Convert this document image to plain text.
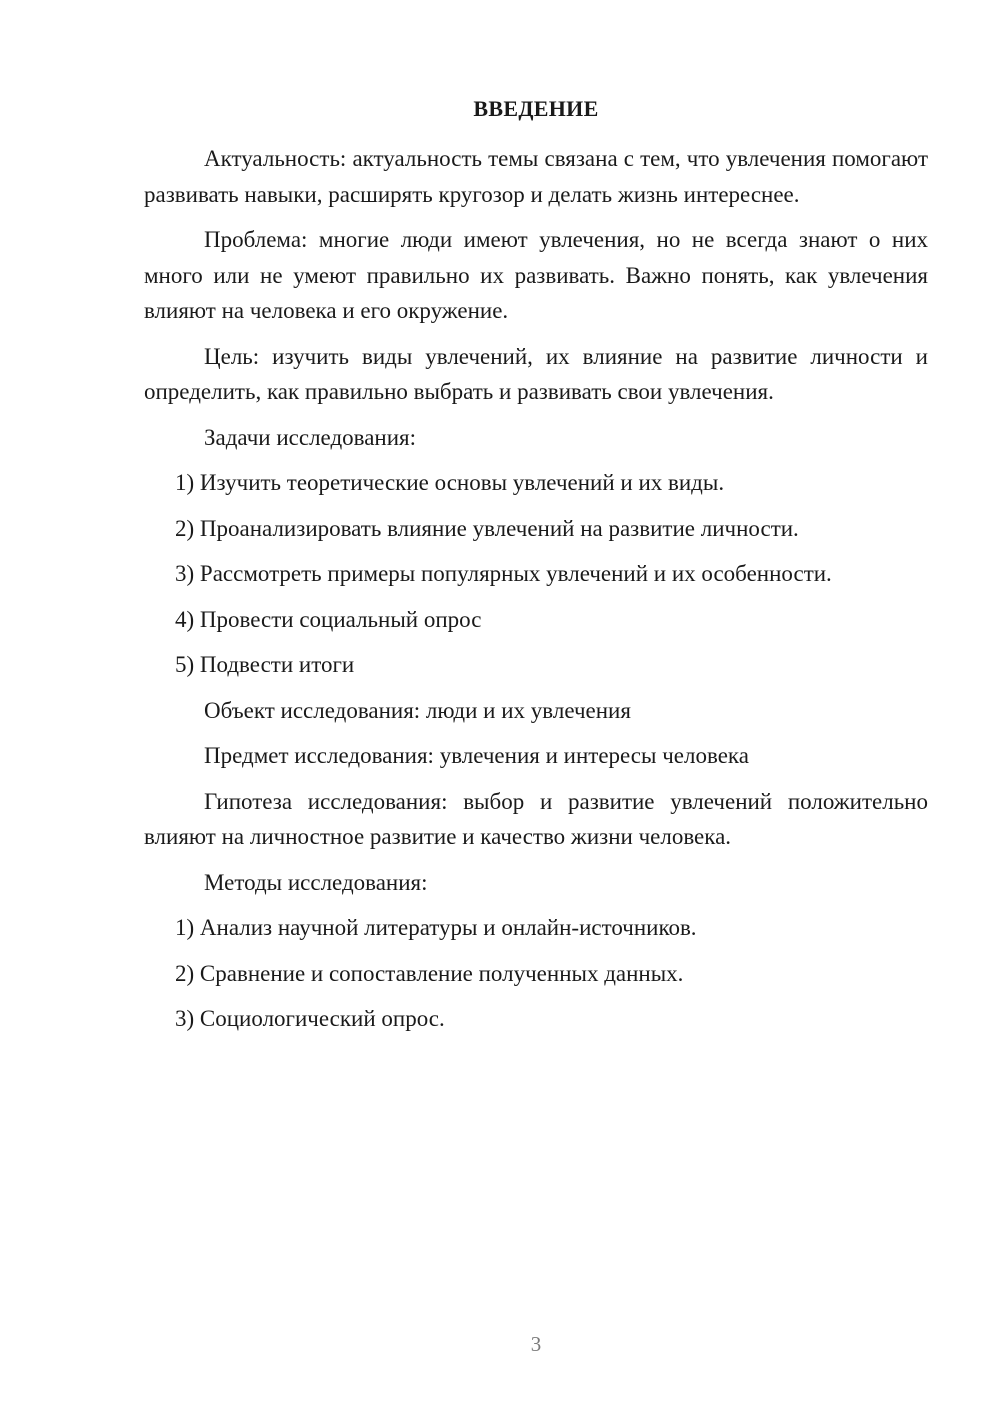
ВВЕДЕНИЕ

Актуальность: актуальность темы связана с тем, что увлечения помогают развивать навыки, расширять кругозор и делать жизнь интереснее.

Проблема: многие люди имеют увлечения, но не всегда знают о них много или не умеют правильно их развивать. Важно понять, как увлечения влияют на человека и его окружение.

Цель: изучить виды увлечений, их влияние на развитие личности и определить, как правильно выбрать и развивать свои увлечения.

Задачи исследования:

1) Изучить теоретические основы увлечений и их виды.
2) Проанализировать влияние увлечений на развитие личности.
3) Рассмотреть примеры популярных увлечений и их особенности.
4) Провести социальный опрос
5) Подвести итоги

Объект исследования: люди и их увлечения

Предмет исследования: увлечения и интересы человека

Гипотеза исследования: выбор и развитие увлечений положительно влияют на личностное развитие и качество жизни человека.

Методы исследования:

1) Анализ научной литературы и онлайн-источников.
2) Сравнение и сопоставление полученных данных.
3) Социологический опрос.
3
